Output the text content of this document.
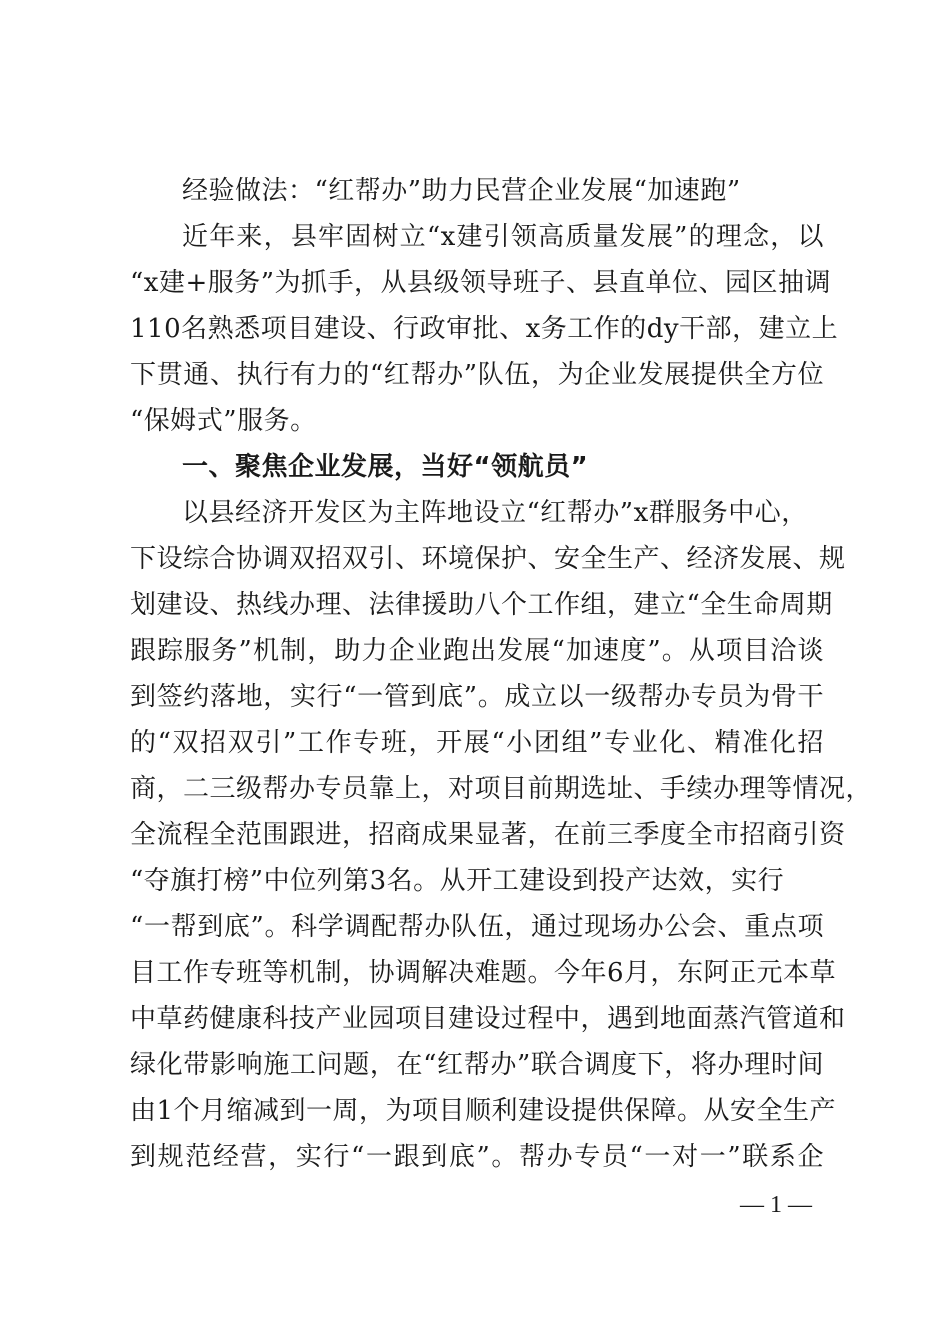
经验做法：“红帮办”助力民营企业发展“加速跑”
近年来，县牢固树立“x建引领高质量发展”的理念，以
“x建+服务”为抓手，从县级领导班子、县直单位、园区抽调
110名熟悉项目建设、行政审批、x务工作的dy干部，建立上
下贯通、执行有力的“红帮办”队伍，为企业发展提供全方位
“保姆式”服务。
一、聚焦企业发展，当好“领航员”
以县经济开发区为主阵地设立“红帮办”x群服务中心，
下设综合协调双招双引、环境保护、安全生产、经济发展、规
划建设、热线办理、法律援助八个工作组，建立“全生命周期
跟踪服务”机制，助力企业跑出发展“加速度”。从项目洽谈
到签约落地，实行“一管到底”。成立以一级帮办专员为骨干
的“双招双引”工作专班，开展“小团组”专业化、精准化招
商，二三级帮办专员靠上，对项目前期选址、手续办理等情况，
全流程全范围跟进，招商成果显著，在前三季度全市招商引资
“夺旗打榜”中位列第3名。从开工建设到投产达效，实行
“一帮到底”。科学调配帮办队伍，通过现场办公会、重点项
目工作专班等机制，协调解决难题。今年6月，东阿正元本草
中草药健康科技产业园项目建设过程中，遇到地面蒸汽管道和
绿化带影响施工问题，在“红帮办”联合调度下，将办理时间
由1个月缩减到一周，为项目顺利建设提供保障。从安全生产
到规范经营，实行“一跟到底”。帮办专员“一对一”联系企
— 1 —
